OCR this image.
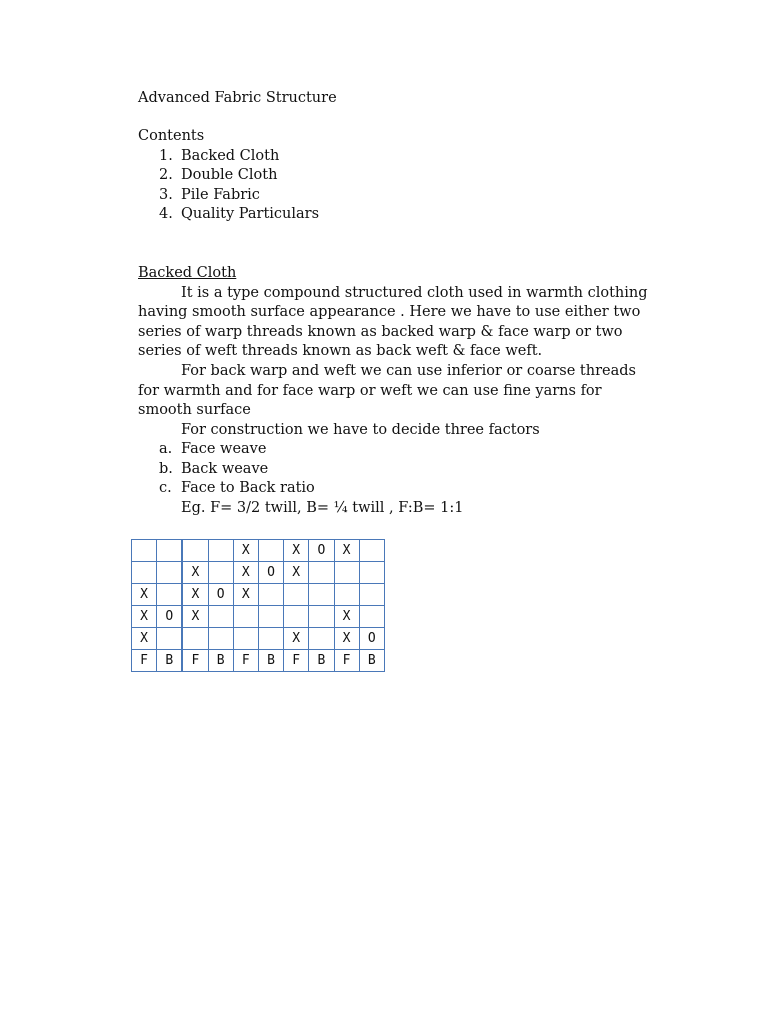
Advanced Fabric Structure
Contents
1. Backed Cloth
2. Double Cloth
3. Pile Fabric
4. Quality Particulars
Backed Cloth
It is a type compound structured cloth used in warmth clothing
having smooth surface appearance . Here we have to use either two
series of warp threads known as backed warp & face warp or two
series of weft threads known as back weft & face weft.
For back warp and weft we can use inferior or coarse threads
for warmth and for face warp or weft we can use fine yarns for
smooth surface
For construction we have to decide three factors
a. Face weave
b. Back weave
c. Face to Back ratio
Eg. F= 3/2 twill, B= ¼ twill , F:B= 1:1
				X		X	O	X	
		X		X	O	X			
X		X	O	X					
X	O	X						X	
X						X		X	O
F	B	F	B	F	B	F	B	F	B
